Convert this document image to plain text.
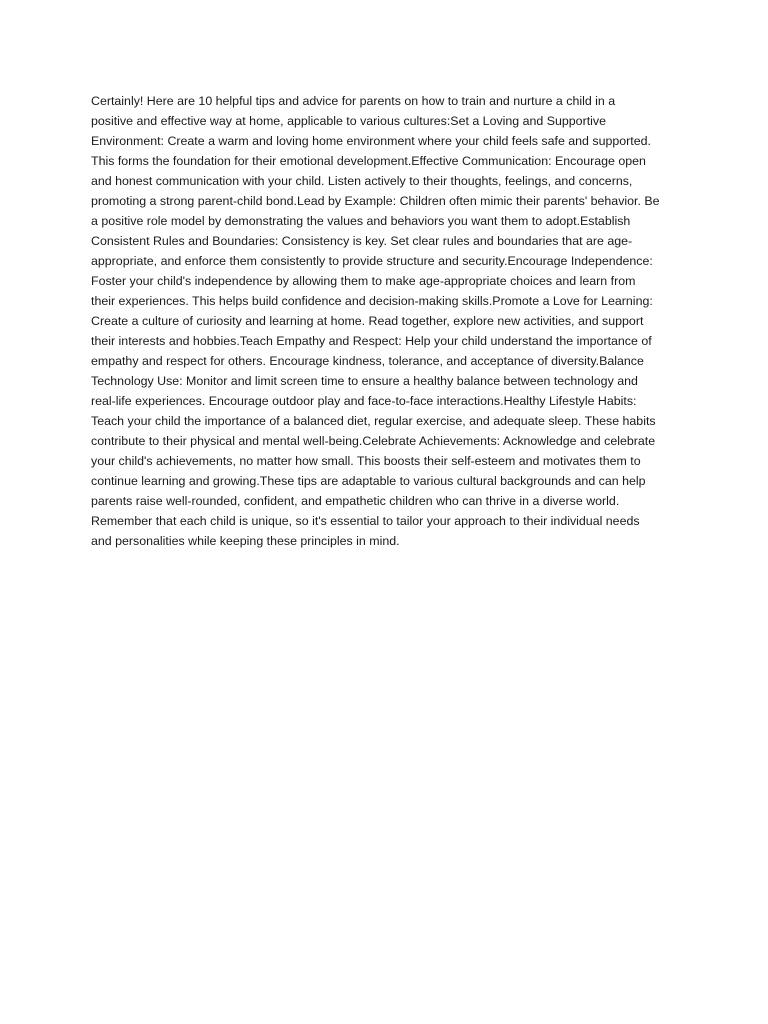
Certainly! Here are 10 helpful tips and advice for parents on how to train and nurture a child in a
positive and effective way at home, applicable to various cultures:Set a Loving and Supportive
Environment: Create a warm and loving home environment where your child feels safe and supported.
This forms the foundation for their emotional development.Effective Communication: Encourage open
and honest communication with your child. Listen actively to their thoughts, feelings, and concerns,
promoting a strong parent-child bond.Lead by Example: Children often mimic their parents' behavior. Be
a positive role model by demonstrating the values and behaviors you want them to adopt.Establish
Consistent Rules and Boundaries: Consistency is key. Set clear rules and boundaries that are age-
appropriate, and enforce them consistently to provide structure and security.Encourage Independence:
Foster your child's independence by allowing them to make age-appropriate choices and learn from
their experiences. This helps build confidence and decision-making skills.Promote a Love for Learning:
Create a culture of curiosity and learning at home. Read together, explore new activities, and support
their interests and hobbies.Teach Empathy and Respect: Help your child understand the importance of
empathy and respect for others. Encourage kindness, tolerance, and acceptance of diversity.Balance
Technology Use: Monitor and limit screen time to ensure a healthy balance between technology and
real-life experiences. Encourage outdoor play and face-to-face interactions.Healthy Lifestyle Habits:
Teach your child the importance of a balanced diet, regular exercise, and adequate sleep. These habits
contribute to their physical and mental well-being.Celebrate Achievements: Acknowledge and celebrate
your child's achievements, no matter how small. This boosts their self-esteem and motivates them to
continue learning and growing.These tips are adaptable to various cultural backgrounds and can help
parents raise well-rounded, confident, and empathetic children who can thrive in a diverse world.
Remember that each child is unique, so it's essential to tailor your approach to their individual needs
and personalities while keeping these principles in mind.
